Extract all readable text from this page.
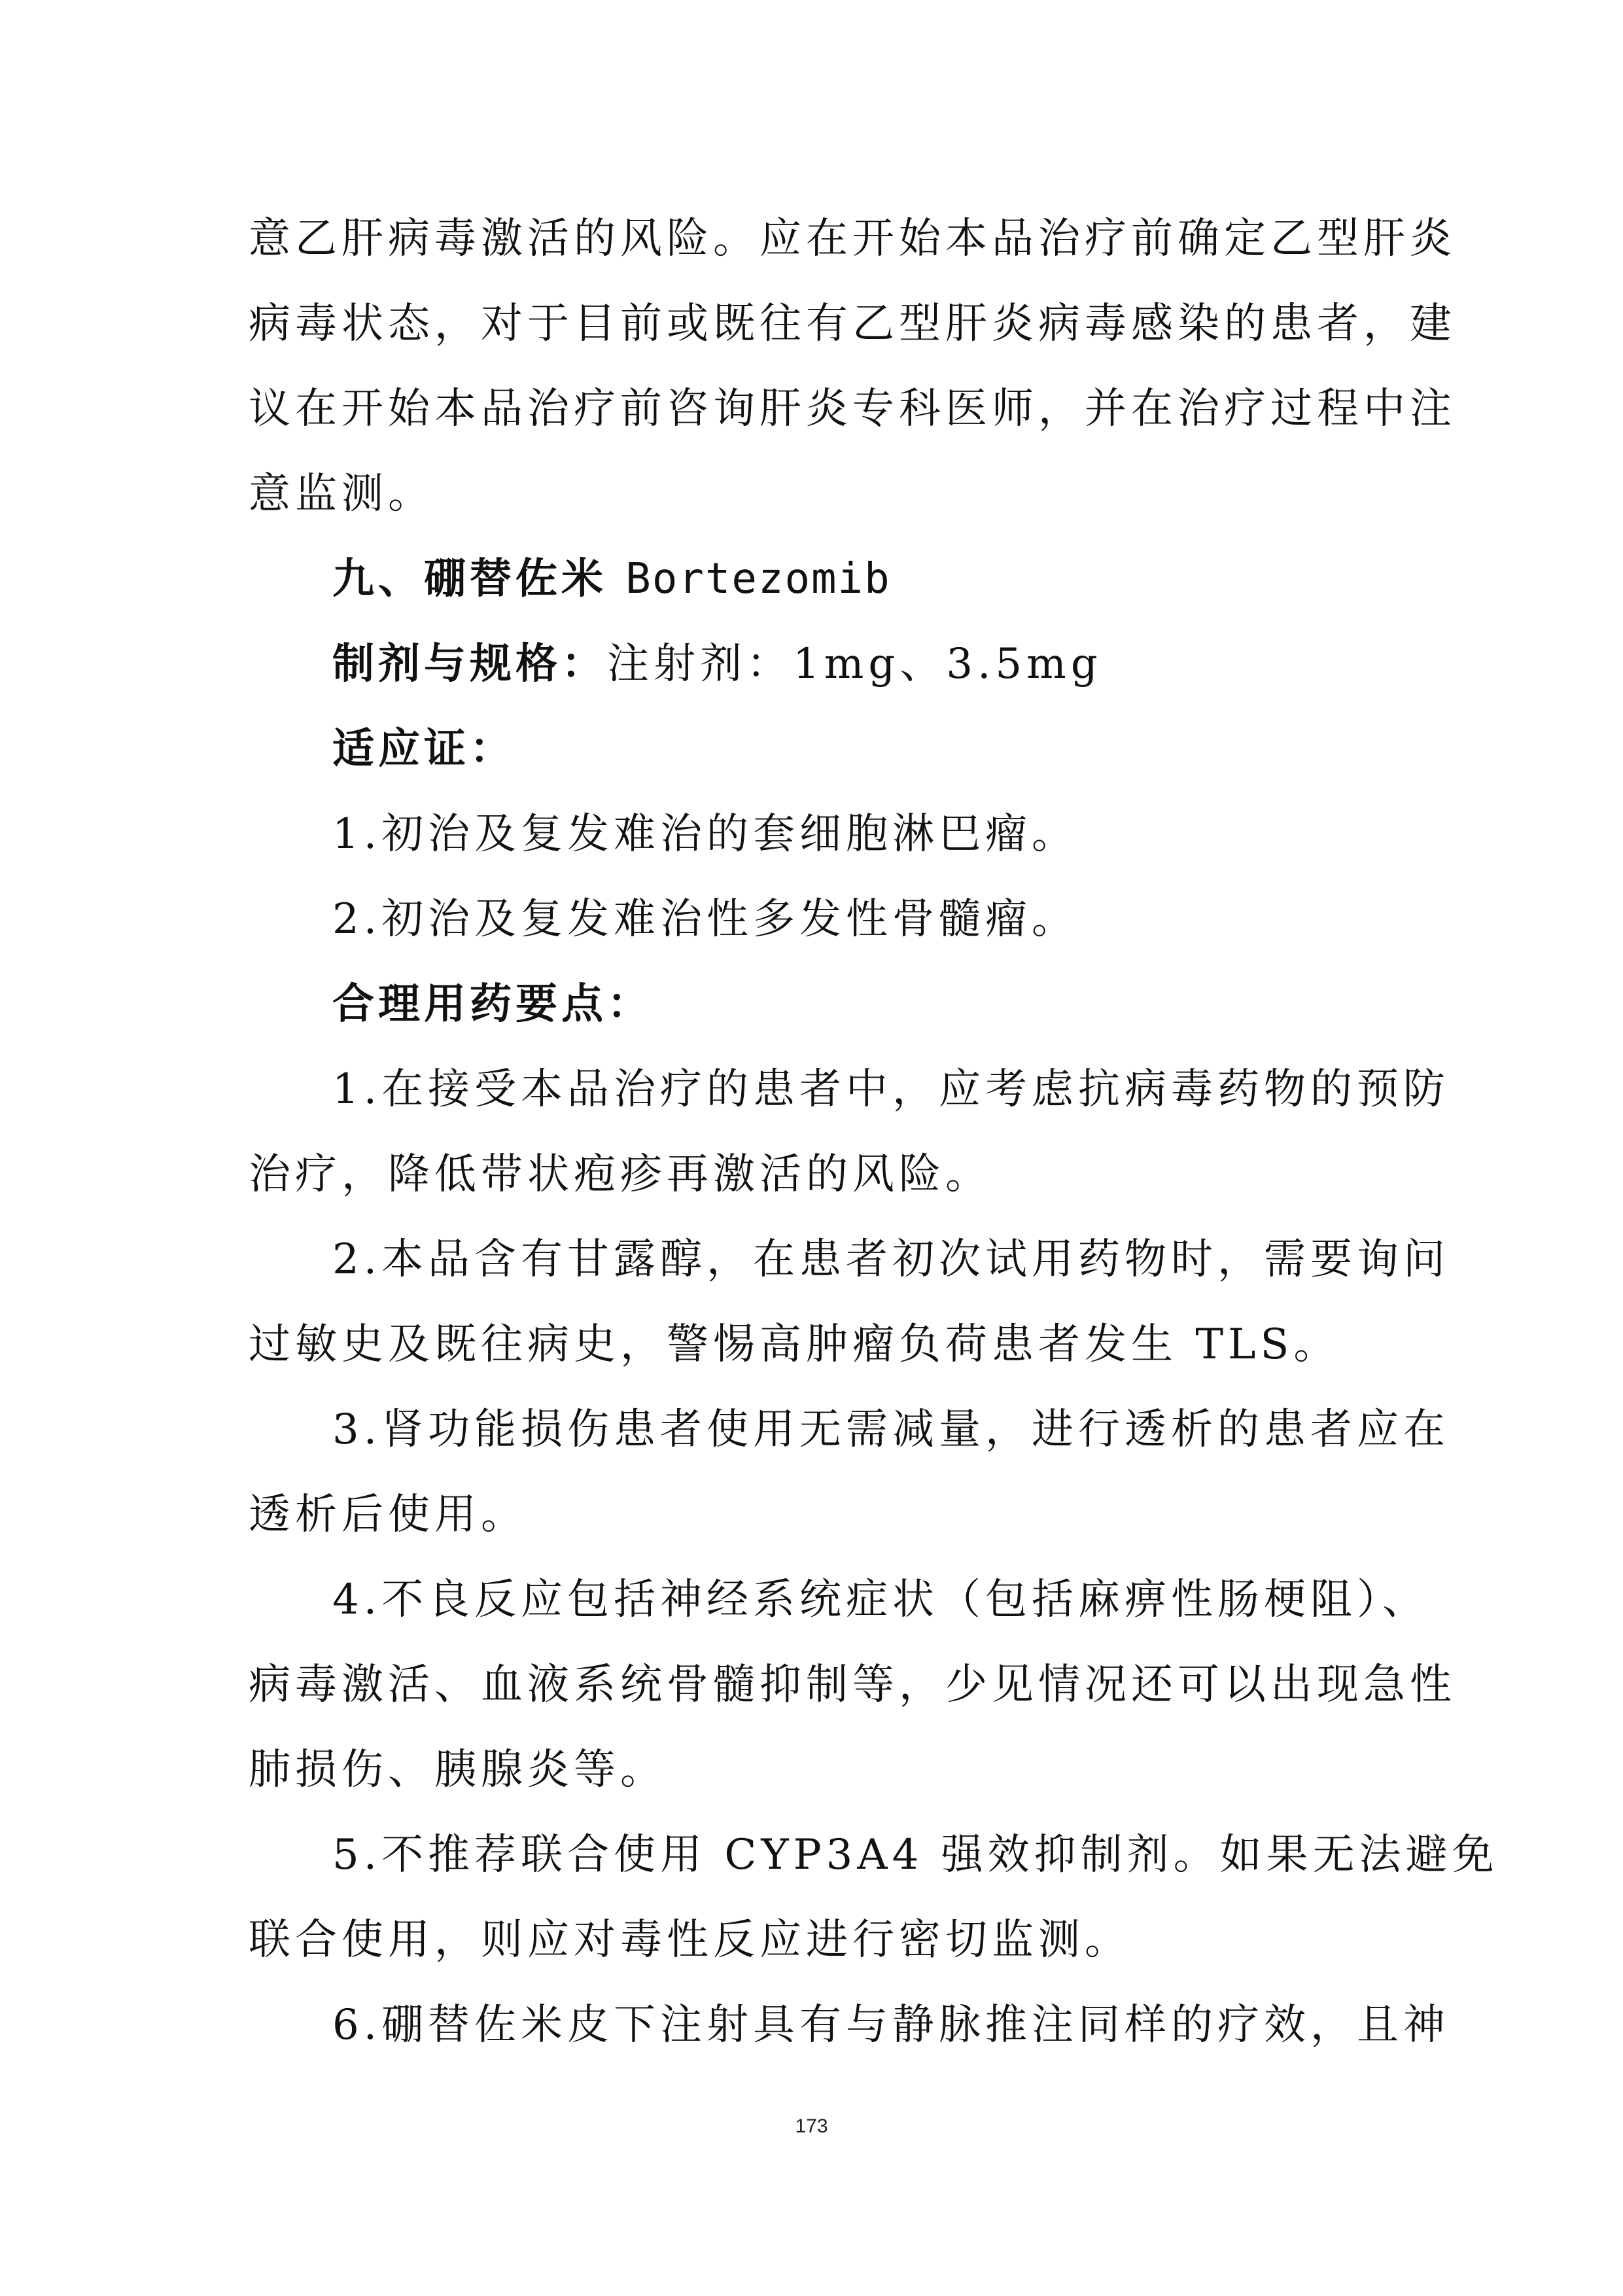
意乙肝病毒激活的风险。应在开始本品治疗前确定乙型肝炎
病毒状态，对于目前或既往有乙型肝炎病毒感染的患者，建
议在开始本品治疗前咨询肝炎专科医师，并在治疗过程中注
意监测。
九、硼替佐米 Bortezomib
制剂与规格：注射剂：1mg、3.5mg
适应证：
1.初治及复发难治的套细胞淋巴瘤。
2.初治及复发难治性多发性骨髓瘤。
合理用药要点：
1.在接受本品治疗的患者中，应考虑抗病毒药物的预防
治疗，降低带状疱疹再激活的风险。
2.本品含有甘露醇，在患者初次试用药物时，需要询问
过敏史及既往病史，警惕高肿瘤负荷患者发生 TLS。
3.肾功能损伤患者使用无需减量，进行透析的患者应在
透析后使用。
4.不良反应包括神经系统症状（包括麻痹性肠梗阻）、
病毒激活、血液系统骨髓抑制等，少见情况还可以出现急性
肺损伤、胰腺炎等。
5.不推荐联合使用 CYP3A4 强效抑制剂。如果无法避免
联合使用，则应对毒性反应进行密切监测。
6.硼替佐米皮下注射具有与静脉推注同样的疗效，且神
173
